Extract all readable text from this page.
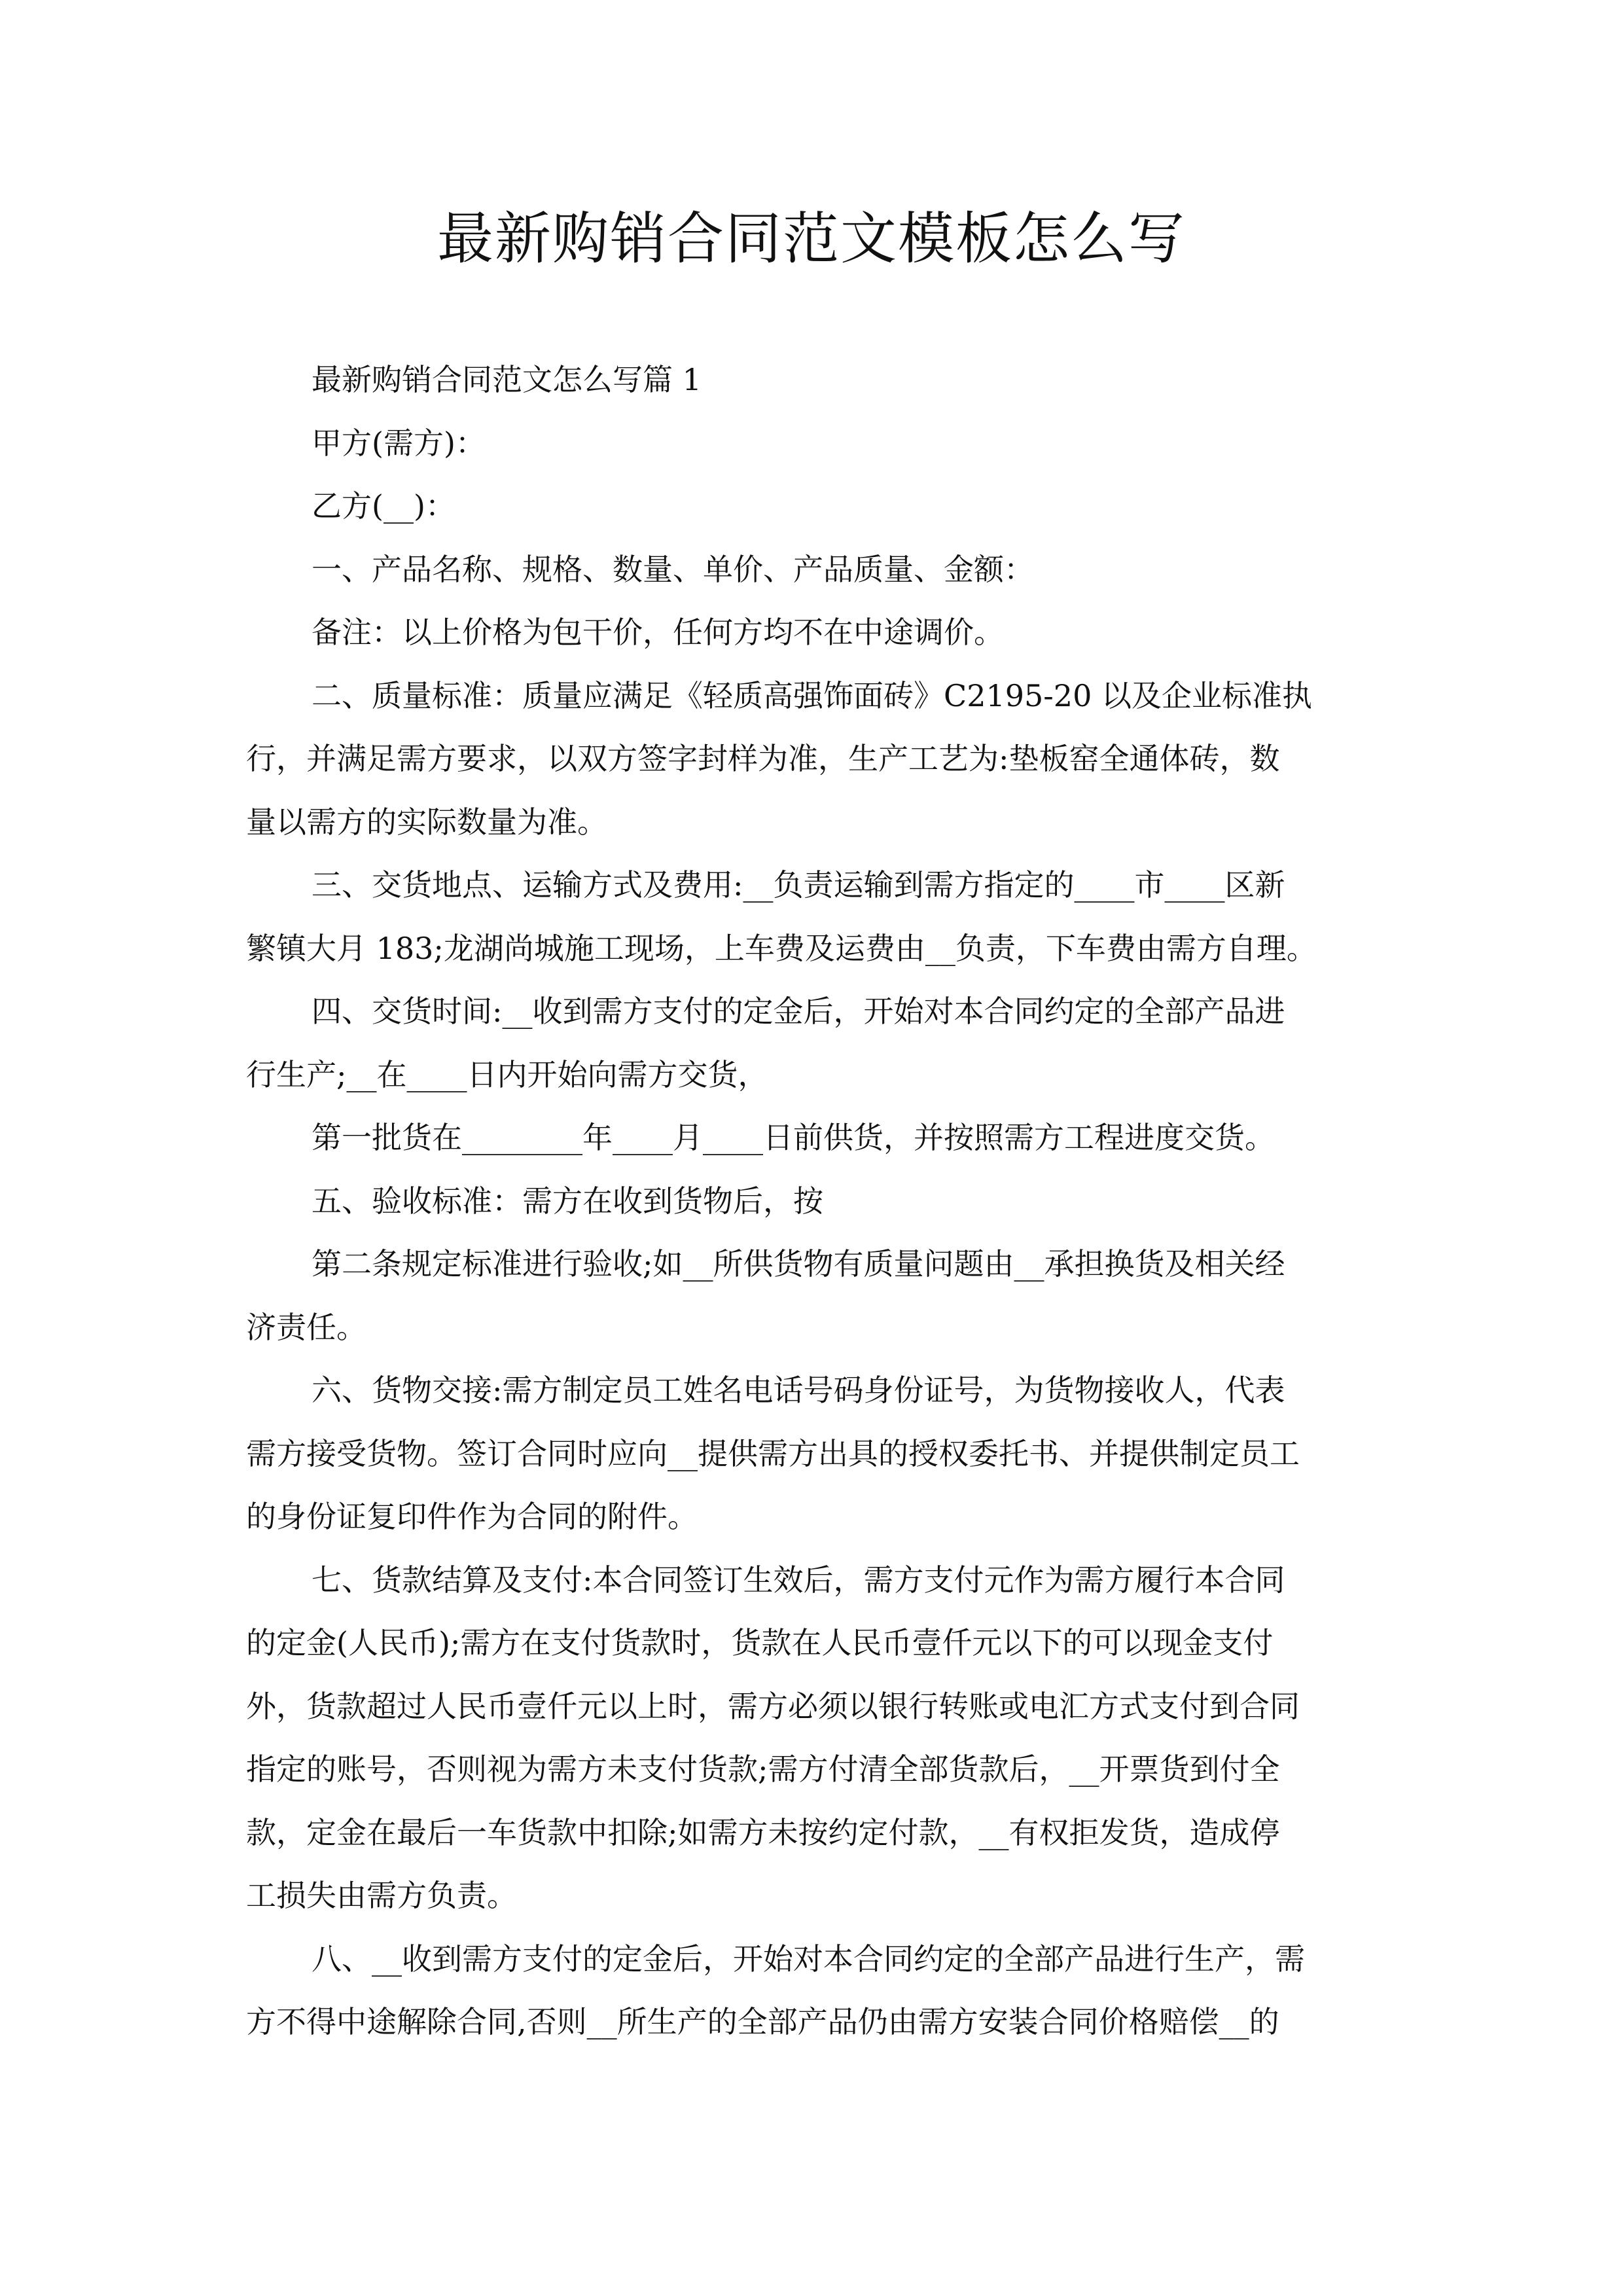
最新购销合同范文模板怎么写
最新购销合同范文怎么写篇 1
甲方(需方)：
乙方(__)：
一、产品名称、规格、数量、单价、产品质量、金额：
备注：以上价格为包干价，任何方均不在中途调价。
二、质量标准：质量应满足《轻质高强饰面砖》C2195-20 以及企业标准执
行，并满足需方要求，以双方签字封样为准，生产工艺为:垫板窑全通体砖，数
量以需方的实际数量为准。
三、交货地点、运输方式及费用:__负责运输到需方指定的____市____区新
繁镇大月 183;龙湖尚城施工现场，上车费及运费由__负责，下车费由需方自理。
四、交货时间:__收到需方支付的定金后，开始对本合同约定的全部产品进
行生产;__在____日内开始向需方交货，
第一批货在________年____月____日前供货，并按照需方工程进度交货。
五、验收标准：需方在收到货物后，按
第二条规定标准进行验收;如__所供货物有质量问题由__承担换货及相关经
济责任。
六、货物交接:需方制定员工姓名电话号码身份证号，为货物接收人，代表
需方接受货物。签订合同时应向__提供需方出具的授权委托书、并提供制定员工
的身份证复印件作为合同的附件。
七、货款结算及支付:本合同签订生效后，需方支付元作为需方履行本合同
的定金(人民币);需方在支付货款时，货款在人民币壹仟元以下的可以现金支付
外，货款超过人民币壹仟元以上时，需方必须以银行转账或电汇方式支付到合同
指定的账号，否则视为需方未支付货款;需方付清全部货款后，__开票货到付全
款，定金在最后一车货款中扣除;如需方未按约定付款，__有权拒发货，造成停
工损失由需方负责。
八、__收到需方支付的定金后，开始对本合同约定的全部产品进行生产，需
方不得中途解除合同,否则__所生产的全部产品仍由需方安装合同价格赔偿__的
